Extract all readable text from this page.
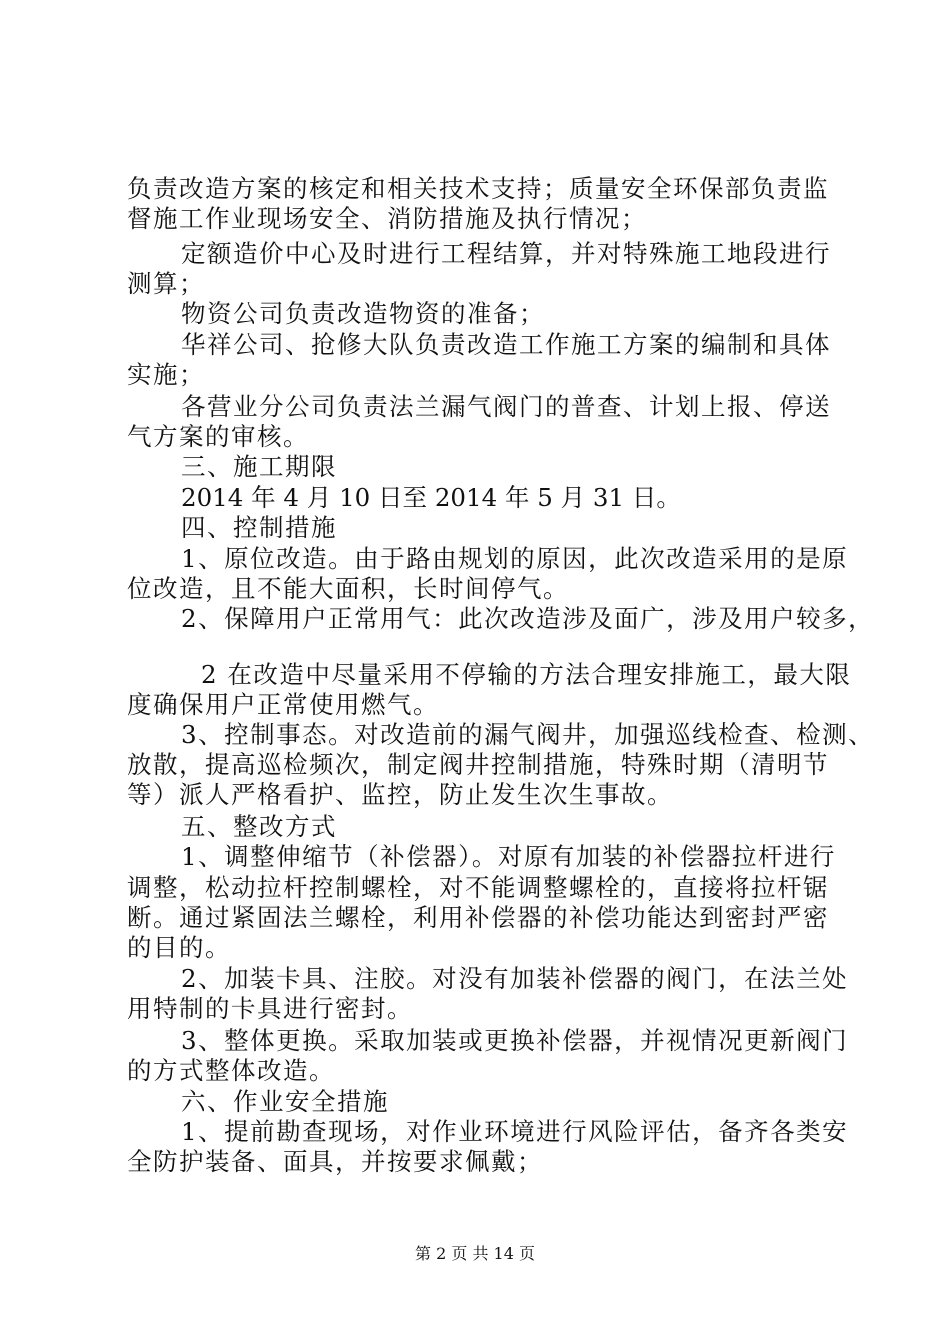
负责改造方案的核定和相关技术支持；质量安全环保部负责监
督施工作业现场安全、消防措施及执行情况；
定额造价中心及时进行工程结算，并对特殊施工地段进行
测算；
物资公司负责改造物资的准备；
华祥公司、抢修大队负责改造工作施工方案的编制和具体
实施；
各营业分公司负责法兰漏气阀门的普查、计划上报、停送
气方案的审核。
三、施工期限
2014 年 4 月 10 日至 2014 年 5 月 31 日。
四、控制措施
1、原位改造。由于路由规划的原因，此次改造采用的是原
位改造，且不能大面积，长时间停气。
2、保障用户正常用气：此次改造涉及面广，涉及用户较多，
2 在改造中尽量采用不停输的方法合理安排施工，最大限
度确保用户正常使用燃气。
3、控制事态。对改造前的漏气阀井，加强巡线检查、检测、
放散，提高巡检频次，制定阀井控制措施，特殊时期（清明节
等）派人严格看护、监控，防止发生次生事故。
五、整改方式
1、调整伸缩节（补偿器）。对原有加装的补偿器拉杆进行
调整，松动拉杆控制螺栓，对不能调整螺栓的，直接将拉杆锯
断。通过紧固法兰螺栓，利用补偿器的补偿功能达到密封严密
的目的。
2、加装卡具、注胶。对没有加装补偿器的阀门，在法兰处
用特制的卡具进行密封。
3、整体更换。采取加装或更换补偿器，并视情况更新阀门
的方式整体改造。
六、作业安全措施
1、提前勘查现场，对作业环境进行风险评估，备齐各类安
全防护装备、面具，并按要求佩戴；
第 2 页 共 14 页
